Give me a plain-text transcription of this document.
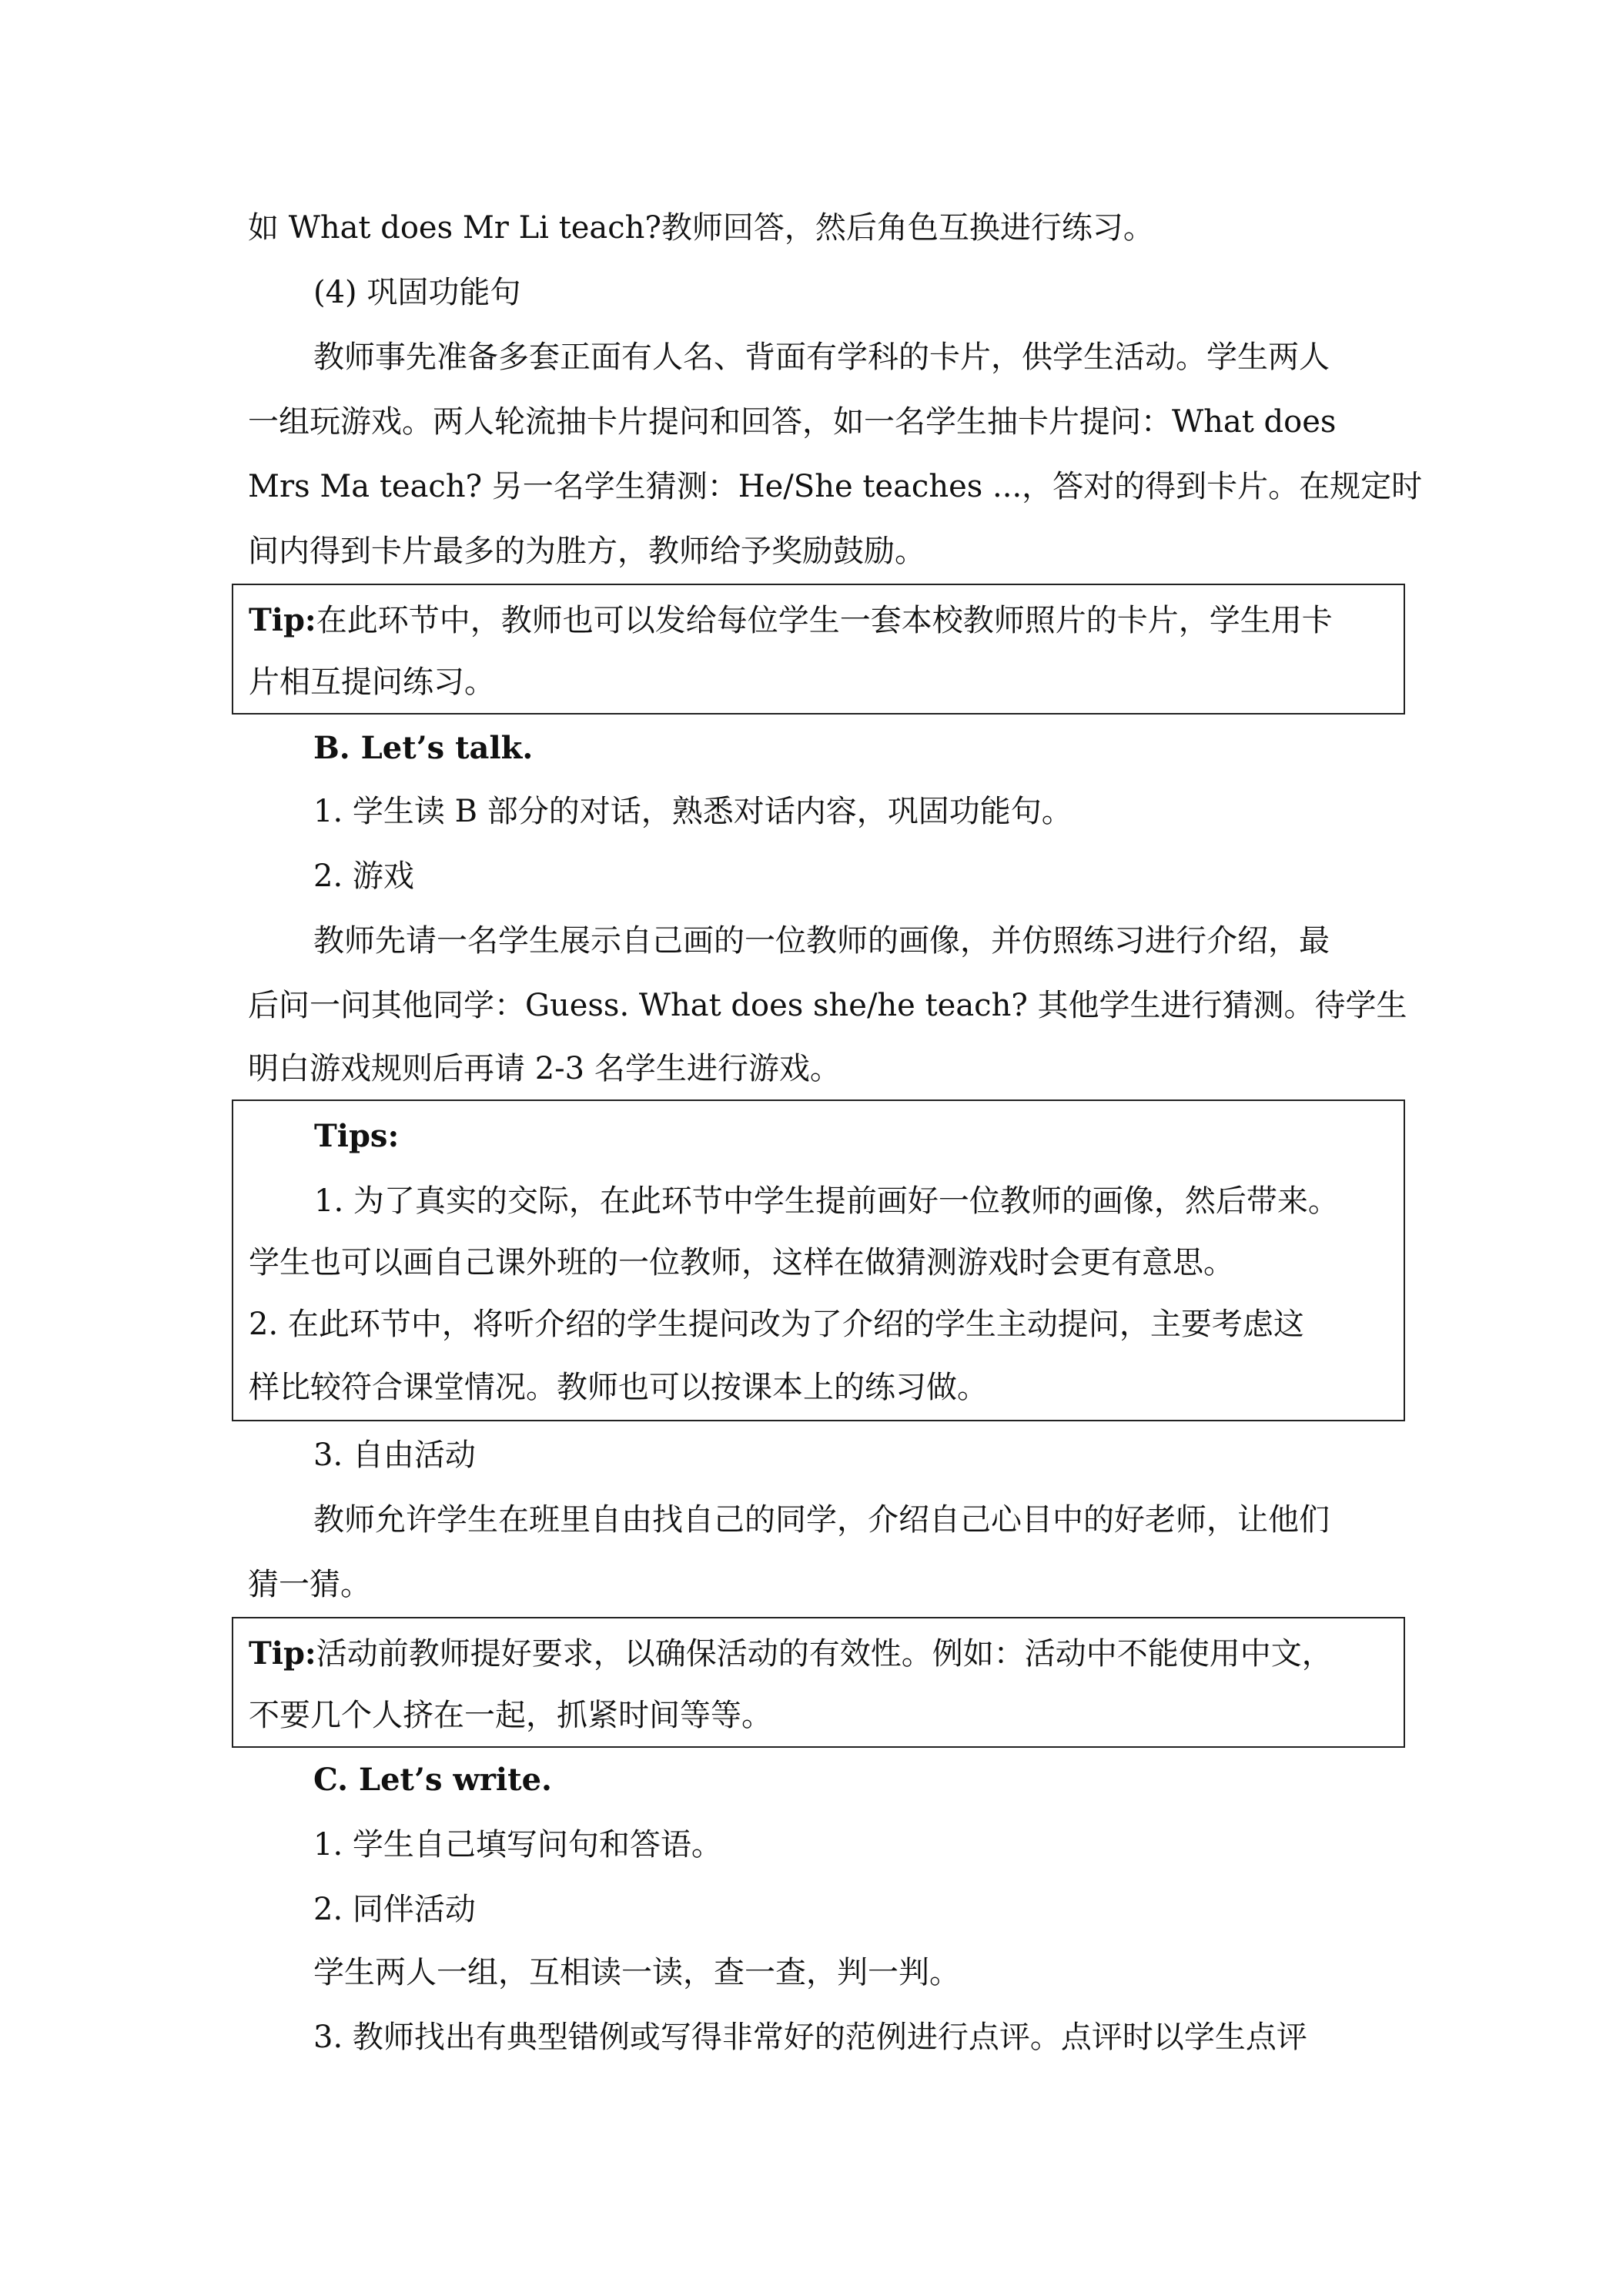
如 What does Mr Li teach?教师回答，然后角色互换进行练习。
(4) 巩固功能句
教师事先准备多套正面有人名、背面有学科的卡片，供学生活动。学生两人
一组玩游戏。两人轮流抽卡片提问和回答，如一名学生抽卡片提问：What does
Mrs Ma teach? 另一名学生猜测：He/She teaches ...，答对的得到卡片。在规定时
间内得到卡片最多的为胜方，教师给予奖励鼓励。
Tip:在此环节中，教师也可以发给每位学生一套本校教师照片的卡片，学生用卡
片相互提问练习。
B. Let’s talk.
1. 学生读 B 部分的对话，熟悉对话内容，巩固功能句。
2. 游戏
教师先请一名学生展示自己画的一位教师的画像，并仿照练习进行介绍，最
后问一问其他同学：Guess. What does she/he teach? 其他学生进行猜测。待学生
明白游戏规则后再请 2-3 名学生进行游戏。
Tips:
1. 为了真实的交际，在此环节中学生提前画好一位教师的画像，然后带来。
学生也可以画自己课外班的一位教师，这样在做猜测游戏时会更有意思。
2. 在此环节中，将听介绍的学生提问改为了介绍的学生主动提问，主要考虑这
样比较符合课堂情况。教师也可以按课本上的练习做。
3. 自由活动
教师允许学生在班里自由找自己的同学，介绍自己心目中的好老师，让他们
猜一猜。
Tip:活动前教师提好要求，以确保活动的有效性。例如：活动中不能使用中文，
不要几个人挤在一起，抓紧时间等等。
C. Let’s write.
1. 学生自己填写问句和答语。
2. 同伴活动
学生两人一组，互相读一读，查一查，判一判。
3. 教师找出有典型错例或写得非常好的范例进行点评。点评时以学生点评
